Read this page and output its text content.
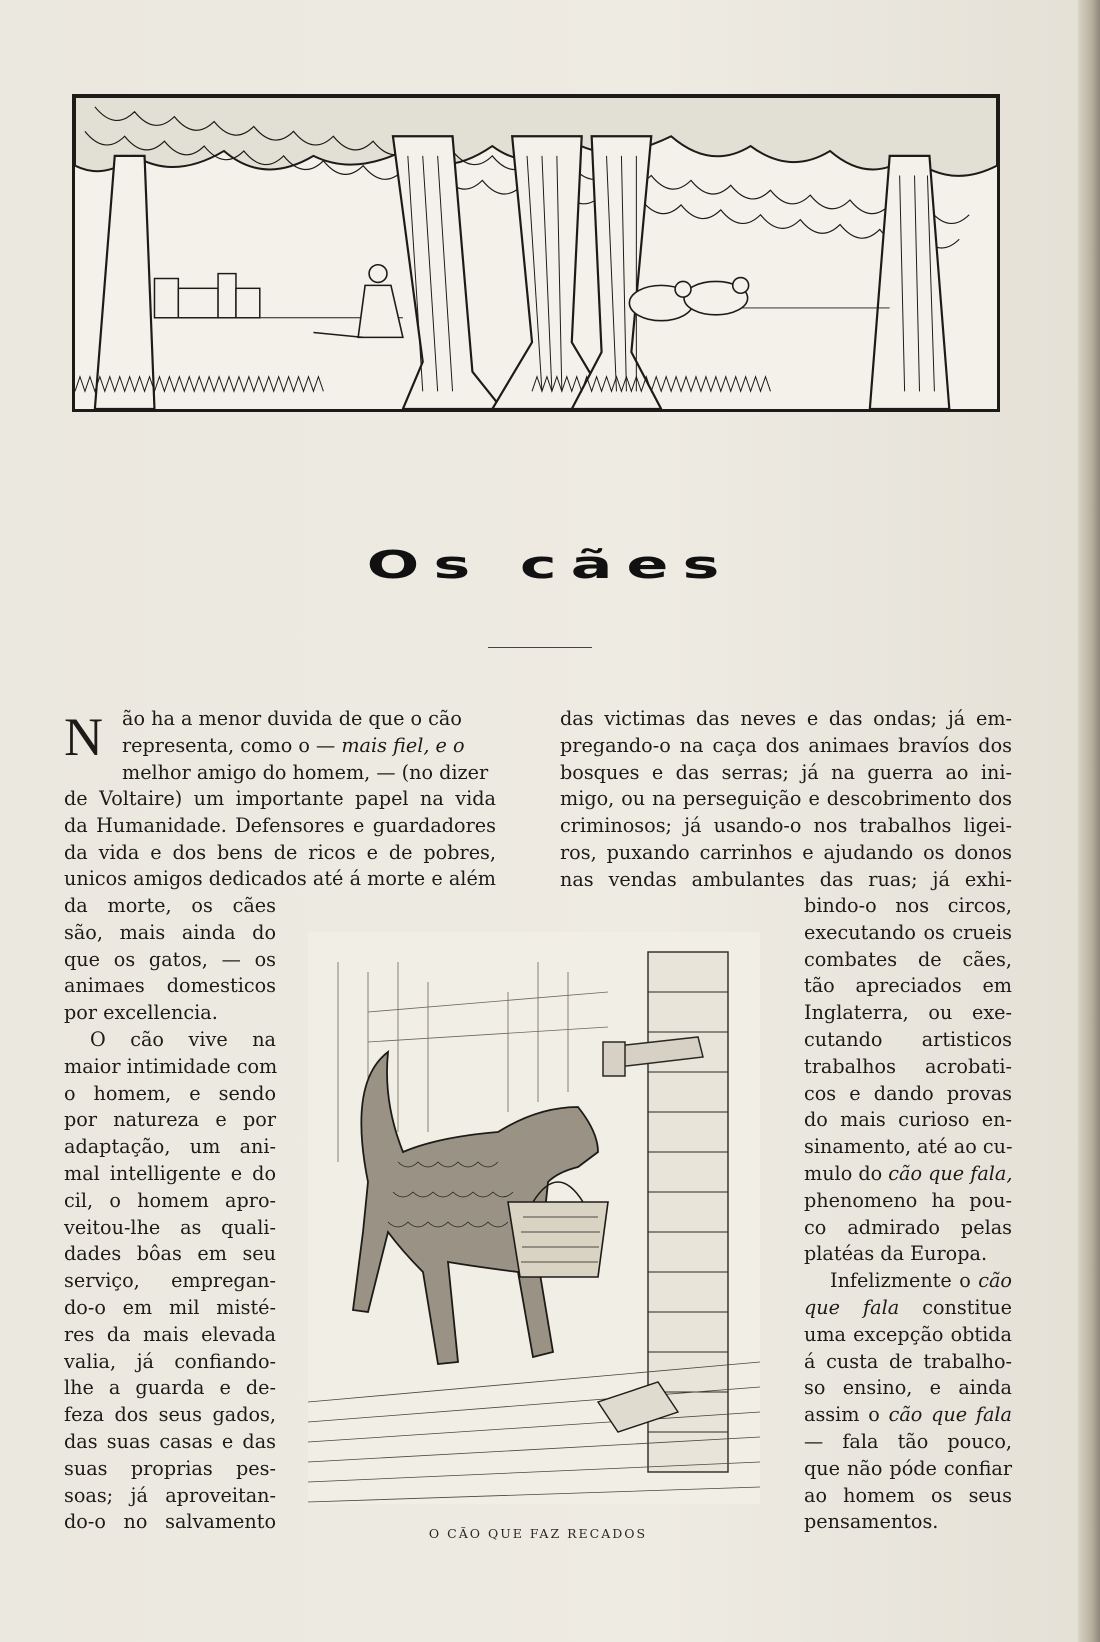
Os cães
N ão ha a menor duvida de que o cão
representa, como o — mais fiel, e o
melhor amigo do homem, — (no dizer
de Voltaire) um importante papel na vida
da Humanidade. Defensores e guardadores
da vida e dos bens de ricos e de pobres,
unicos amigos dedicados até á morte e além
da morte, os cães
são, mais ainda do
que os gatos, — os
animaes domesticos
por excellencia.
O cão vive na
maior intimidade com
o homem, e sendo
por natureza e por
adaptação, um ani-
mal intelligente e do
cil, o homem apro-
veitou-lhe as quali-
dades bôas em seu
serviço, empregan-
do-o em mil misté-
res da mais elevada
valia, já confiando-
lhe a guarda e de-
feza dos seus gados,
das suas casas e das
suas proprias pes-
soas; já aproveitan-
do-o no salvamento
das victimas das neves e das ondas; já em-
pregando-o na caça dos animaes bravíos dos
bosques e das serras; já na guerra ao ini-
migo, ou na perseguição e descobrimento dos
criminosos; já usando-o nos trabalhos ligei-
ros, puxando carrinhos e ajudando os donos
nas vendas ambulantes das ruas; já exhi-
bindo-o nos circos,
executando os crueis
combates de cães,
tão apreciados em
Inglaterra, ou exe-
cutando artisticos
trabalhos acrobati-
cos e dando provas
do mais curioso en-
sinamento, até ao cu-
mulo do cão que fala,
phenomeno ha pou-
co admirado pelas
platéas da Europa.
Infelizmente o cão
que fala constitue
uma excepção obtida
á custa de trabalho-
so ensino, e ainda
assim o cão que fala
— fala tão pouco,
que não póde confiar
ao homem os seus
pensamentos.
O CÃO QUE FAZ RECADOS
